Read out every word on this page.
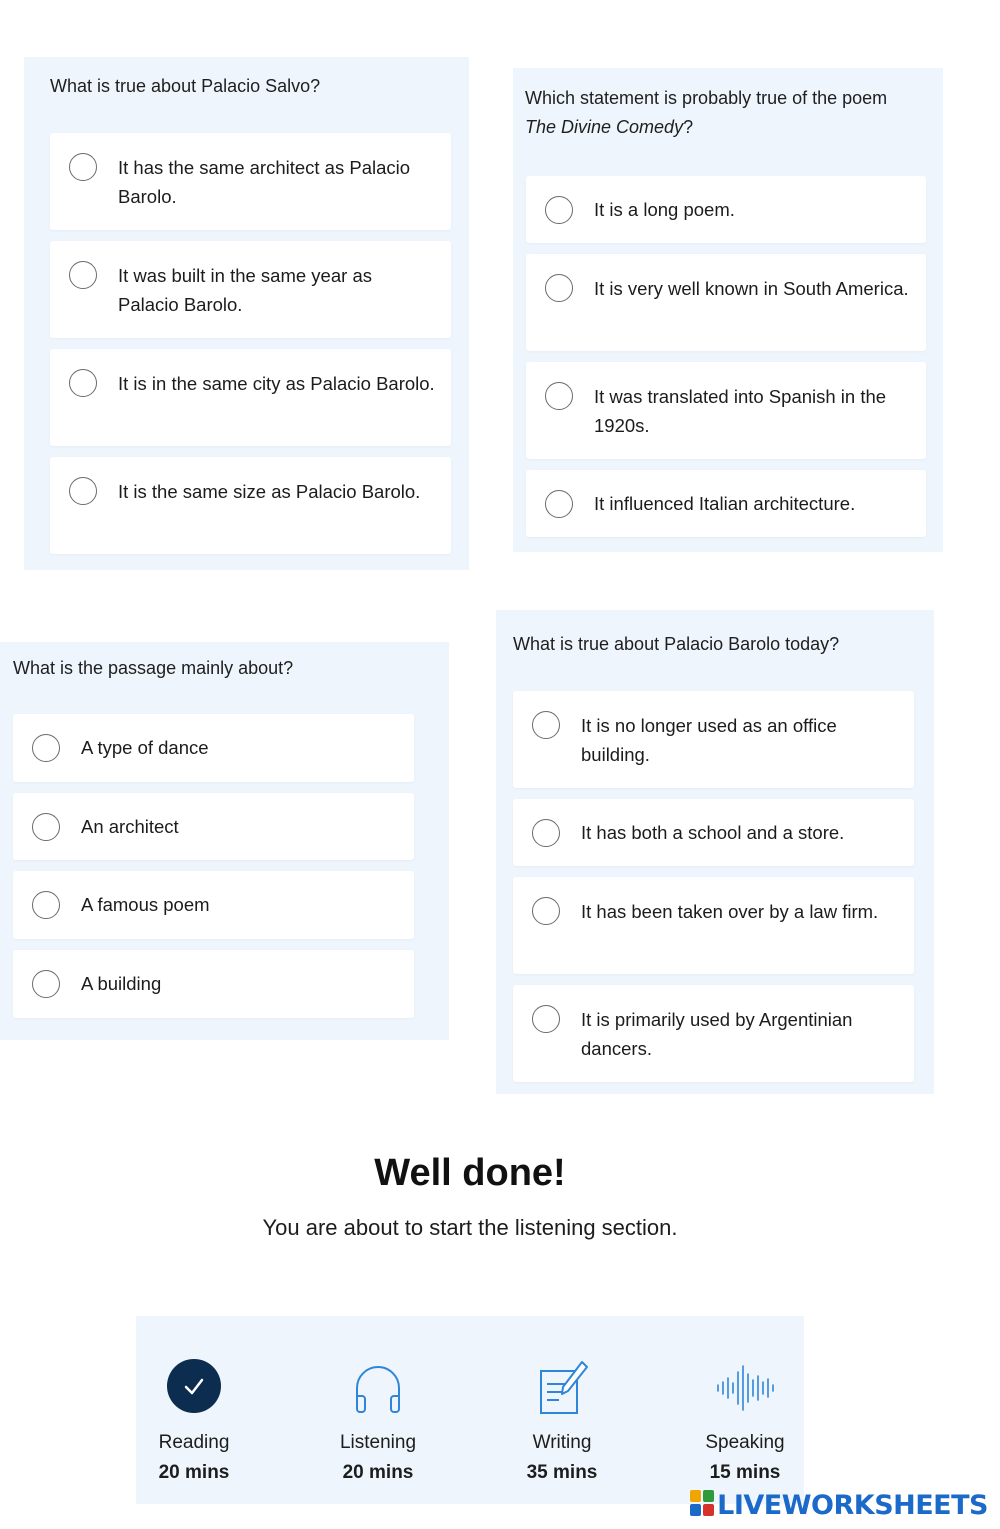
What is true about Palacio Salvo?
It has the same architect as Palacio Barolo.
It was built in the same year as Palacio Barolo.
It is in the same city as Palacio Barolo.
It is the same size as Palacio Barolo.
Which statement is probably true of the poem The Divine Comedy?
It is a long poem.
It is very well known in South America.
It was translated into Spanish in the 1920s.
It influenced Italian architecture.
What is the passage mainly about?
A type of dance
An architect
A famous poem
A building
What is true about Palacio Barolo today?
It is no longer used as an office building.
It has both a school and a store.
It has been taken over by a law firm.
It is primarily used by Argentinian dancers.
Well done!
You are about to start the listening section.
Reading
20 mins
Listening
20 mins
Writing
35 mins
Speaking
15 mins
LIVEWORKSHEETS
